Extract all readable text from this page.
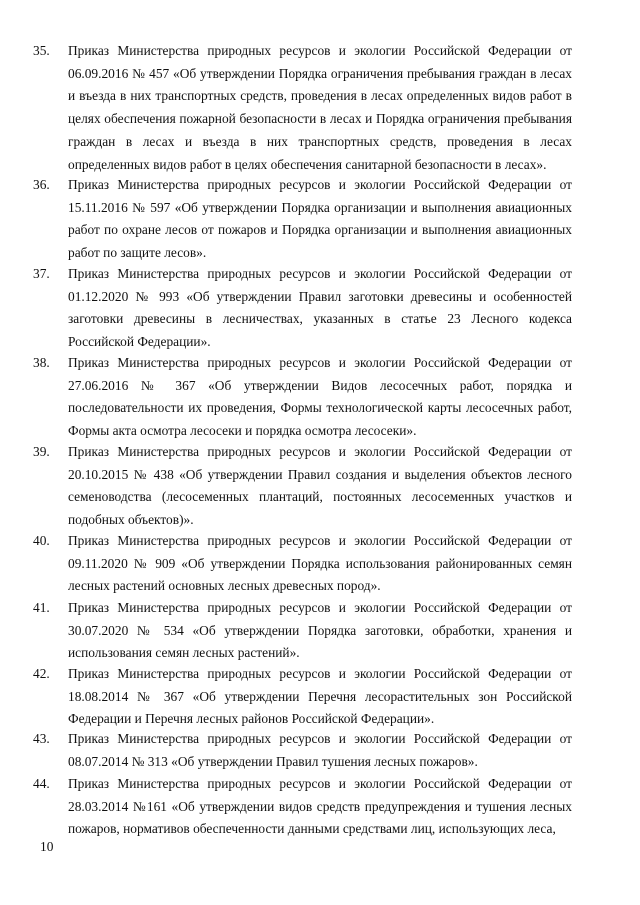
35.	Приказ Министерства природных ресурсов и экологии Российской Федерации от 06.09.2016 № 457 «Об утверждении Порядка ограничения пребывания граждан в лесах и въезда в них транспортных средств, проведения в лесах определенных видов работ в целях обеспечения пожарной безопасности в лесах и Порядка ограничения пребывания граждан в лесах и въезда в них транспортных средств, проведения в лесах определенных видов работ в целях обеспечения санитарной безопасности в лесах».
36.	Приказ Министерства природных ресурсов и экологии Российской Федерации от 15.11.2016 № 597 «Об утверждении Порядка организации и выполнения авиационных работ по охране лесов от пожаров и Порядка организации и выполнения авиационных работ по защите лесов».
37.	Приказ Министерства природных ресурсов и экологии Российской Федерации от 01.12.2020 № 993 «Об утверждении Правил заготовки древесины и особенностей заготовки древесины в лесничествах, указанных в статье 23 Лесного кодекса Российской Федерации».
38.	Приказ Министерства природных ресурсов и экологии Российской Федерации от 27.06.2016 № 367 «Об утверждении Видов лесосечных работ, порядка и последовательности их проведения, Формы технологической карты лесосечных работ, Формы акта осмотра лесосеки и порядка осмотра лесосеки».
39.	Приказ Министерства природных ресурсов и экологии Российской Федерации от 20.10.2015 № 438 «Об утверждении Правил создания и выделения объектов лесного семеноводства (лесосеменных плантаций, постоянных лесосеменных участков и подобных объектов)».
40.	Приказ Министерства природных ресурсов и экологии Российской Федерации от 09.11.2020 № 909 «Об утверждении Порядка использования районированных семян лесных растений основных лесных древесных пород».
41.	Приказ Министерства природных ресурсов и экологии Российской Федерации от 30.07.2020 № 534 «Об утверждении Порядка заготовки, обработки, хранения и использования семян лесных растений».
42.	Приказ Министерства природных ресурсов и экологии Российской Федерации от 18.08.2014 № 367 «Об утверждении Перечня лесорастительных зон Российской Федерации и Перечня лесных районов Российской Федерации».
43.	Приказ Министерства природных ресурсов и экологии Российской Федерации от 08.07.2014 № 313 «Об утверждении Правил тушения лесных пожаров».
44.	Приказ Министерства природных ресурсов и экологии Российской Федерации от 28.03.2014 №161 «Об утверждении видов средств предупреждения и тушения лесных пожаров, нормативов обеспеченности данными средствами лиц, использующих леса,
10
